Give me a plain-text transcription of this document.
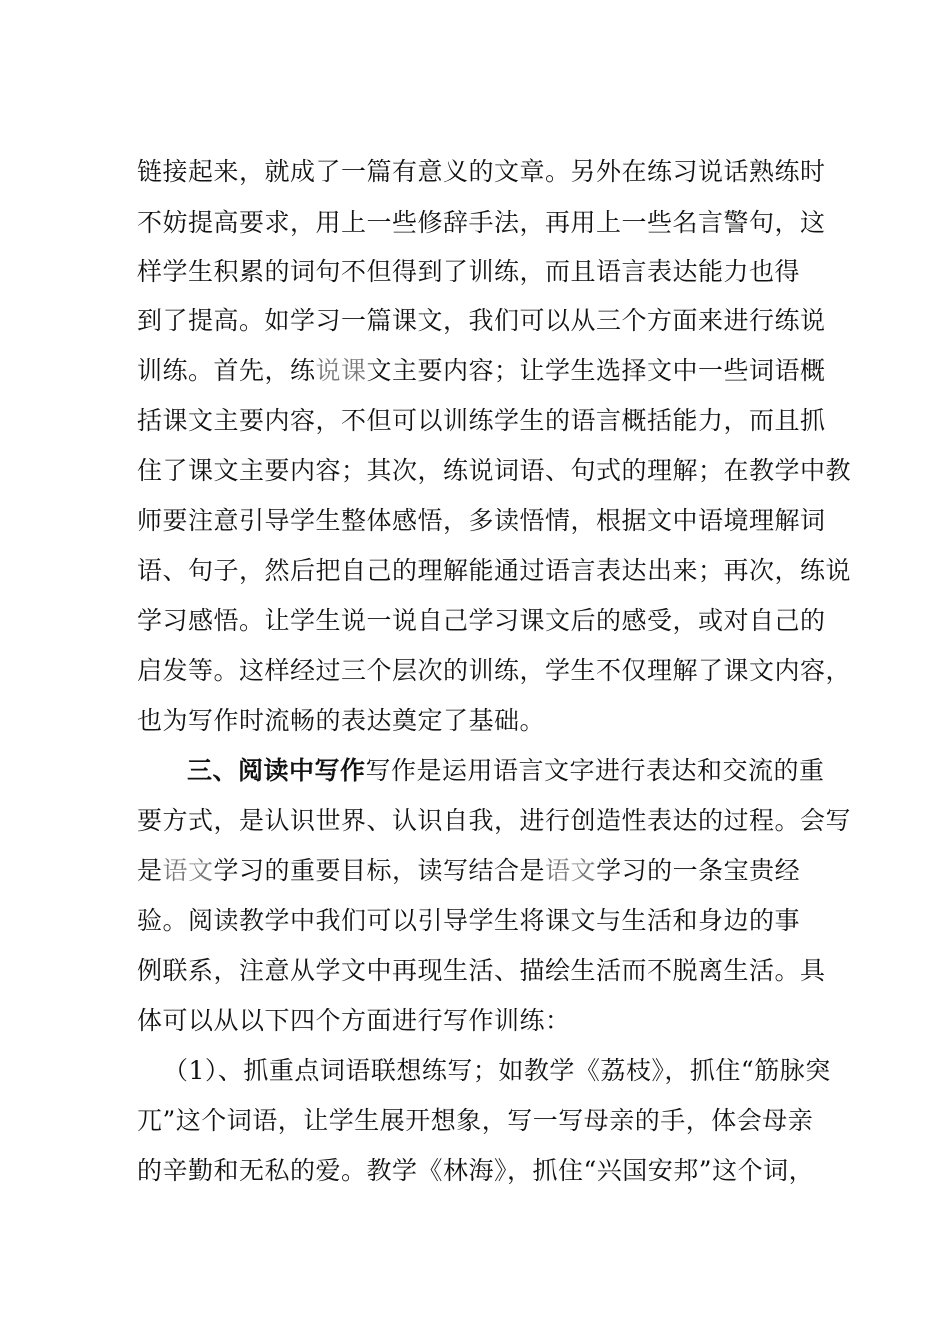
链接起来，就成了一篇有意义的文章。另外在练习说话熟练时
不妨提高要求，用上一些修辞手法，再用上一些名言警句，这
样学生积累的词句不但得到了训练，而且语言表达能力也得
到了提高。如学习一篇课文，我们可以从三个方面来进行练说
训练。首先，练说课文主要内容；让学生选择文中一些词语概
括课文主要内容，不但可以训练学生的语言概括能力，而且抓
住了课文主要内容；其次，练说词语、句式的理解；在教学中教
师要注意引导学生整体感悟，多读悟情，根据文中语境理解词
语、句子，然后把自己的理解能通过语言表达出来；再次，练说
学习感悟。让学生说一说自己学习课文后的感受，或对自己的
启发等。这样经过三个层次的训练，学生不仅理解了课文内容，
也为写作时流畅的表达奠定了基础。
三、阅读中写作写作是运用语言文字进行表达和交流的重
要方式，是认识世界、认识自我，进行创造性表达的过程。会写
是语文学习的重要目标，读写结合是语文学习的一条宝贵经
验。阅读教学中我们可以引导学生将课文与生活和身边的事
例联系，注意从学文中再现生活、描绘生活而不脱离生活。具
体可以从以下四个方面进行写作训练：
（1）、抓重点词语联想练写；如教学《荔枝》，抓住“筋脉突
兀”这个词语，让学生展开想象，写一写母亲的手，体会母亲
的辛勤和无私的爱。教学《林海》，抓住“兴国安邦”这个词，
